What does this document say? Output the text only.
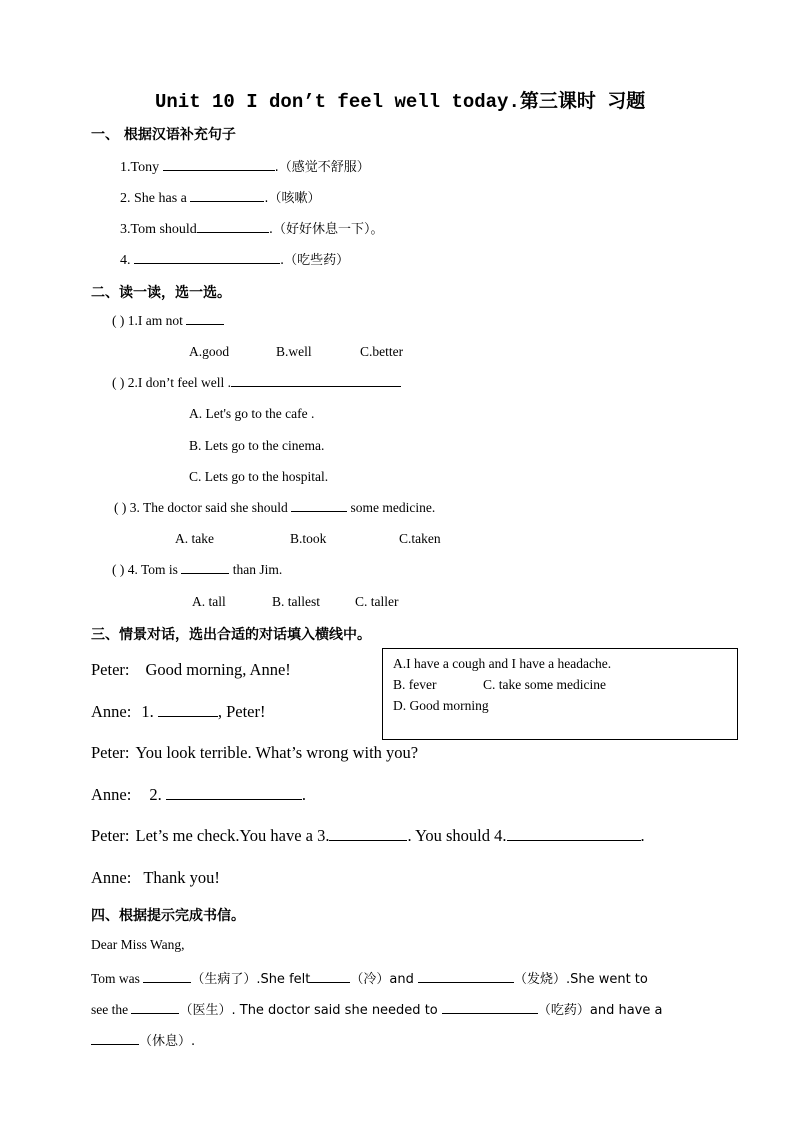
Unit 10 I don’t feel well today.第三课时 习题
一、 根据汉语补充句子
1.Tony	.（感觉不舒服）
2. She has a	.（咳嗽）
3.Tom should	.（好好休息一下）。
4.	.（吃些药）
二、读一读，选一选。
( ) 1.I am not
A.good	B.well	C.better
( ) 2.I don’t feel well .
A. Let's go to the cafe .
B. Lets go to the cinema.
C. Lets go to the hospital.
( ) 3. The doctor said she should	some medicine.
A. take	B.took	C.taken
( ) 4. Tom is	than Jim.
A. tall	B. tallest	C. taller
三、情景对话，选出合适的对话填入横线中。
A.I have a cough and I have a headache.
B. fever	C. take some medicine
D. Good morning
Peter: Good morning, Anne!
Anne: 1.	, Peter!
Peter: You look terrible. What’s wrong with you?
Anne: 2.	.
Peter: Let’s me check.You have a 3.	. You should 4.	.
Anne: Thank you!
四、根据提示完成书信。
Dear Miss Wang,
Tom was	（生病了）.She felt	（冷）and	（发烧）.She went to
see the	（医生）. The doctor said she needed to	（吃药）and have a
（休息）.
